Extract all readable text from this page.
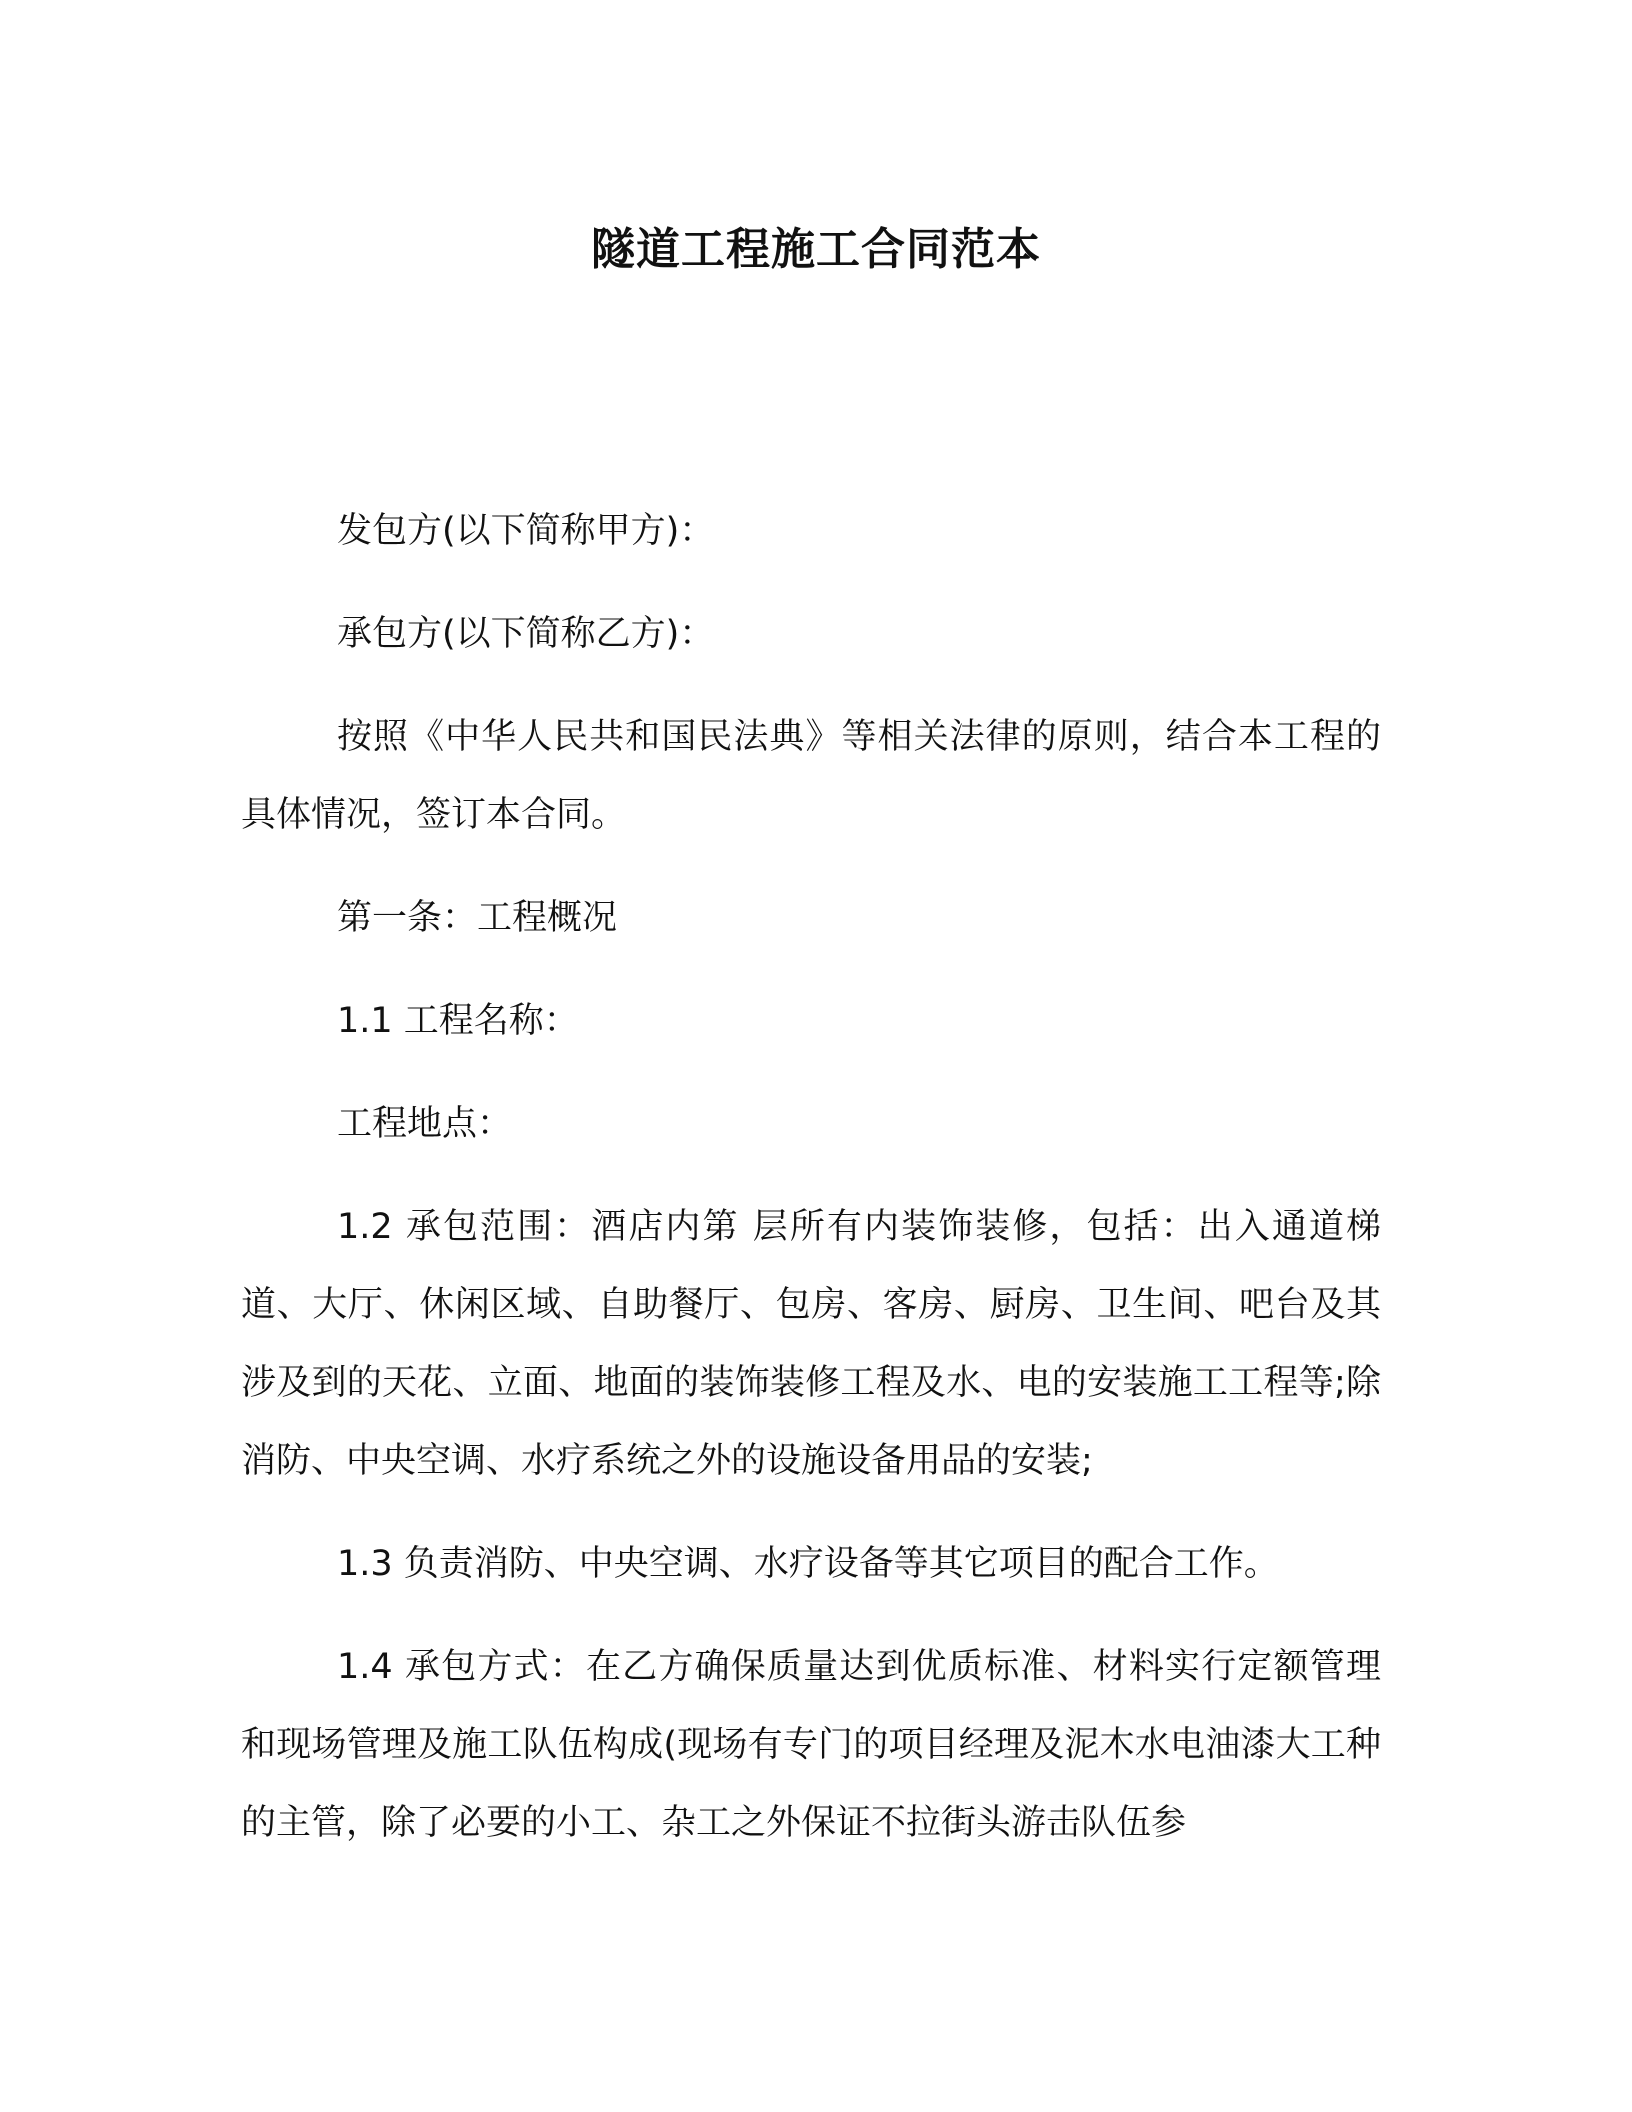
隧道工程施工合同范本

发包方(以下简称甲方)：

承包方(以下简称乙方)：

按照《中华人民共和国民法典》等相关法律的原则，结合本工程的具体情况，签订本合同。

第一条：工程概况

1.1 工程名称：

工程地点：

1.2 承包范围：酒店内第 层所有内装饰装修，包括：出入通道梯道、大厅、休闲区域、自助餐厅、包房、客房、厨房、卫生间、吧台及其涉及到的天花、立面、地面的装饰装修工程及水、电的安装施工工程等;除消防、中央空调、水疗系统之外的设施设备用品的安装;

1.3 负责消防、中央空调、水疗设备等其它项目的配合工作。

1.4 承包方式：在乙方确保质量达到优质标准、材料实行定额管理和现场管理及施工队伍构成(现场有专门的项目经理及泥木水电油漆大工种的主管，除了必要的小工、杂工之外保证不拉街头游击队伍参
